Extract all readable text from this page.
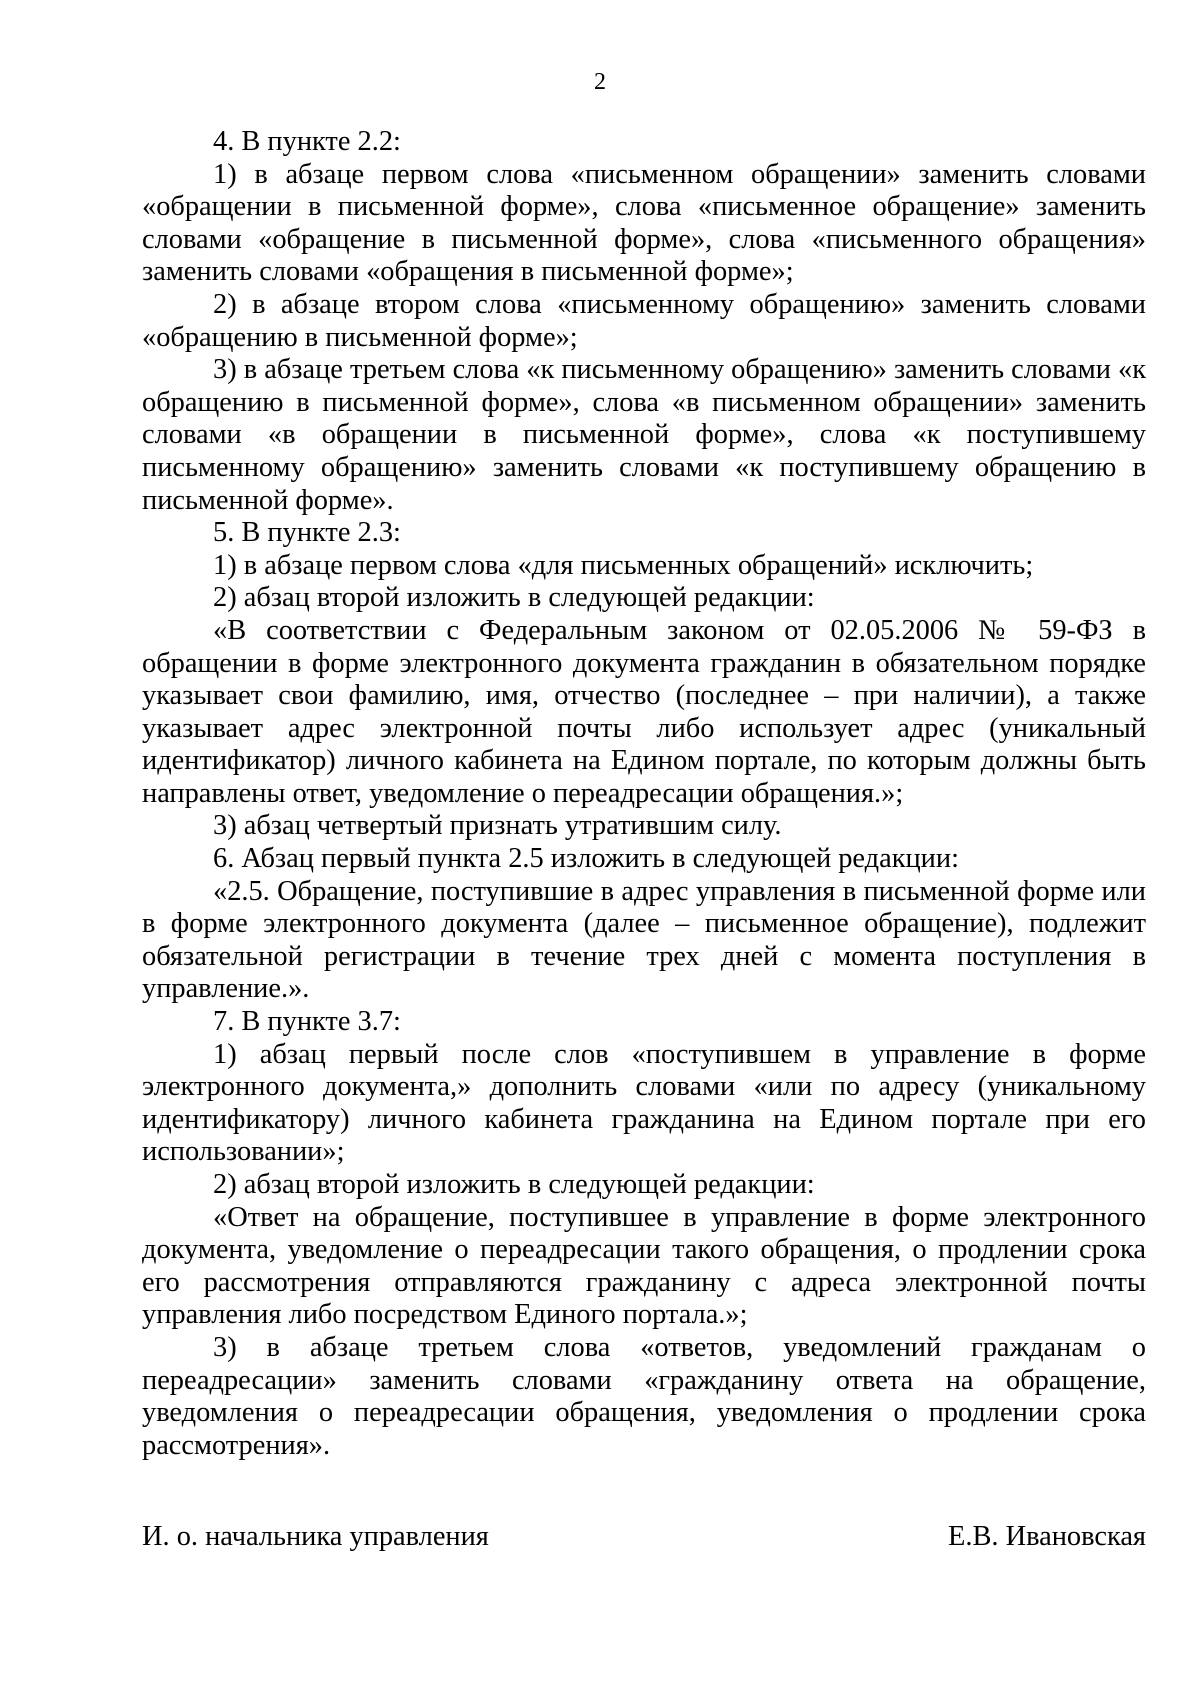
2

4. В пункте 2.2:

1) в абзаце первом слова «письменном обращении» заменить словами «обращении в письменной форме», слова «письменное обращение» заменить словами «обращение в письменной форме», слова «письменного обращения» заменить словами «обращения в письменной форме»;

2) в абзаце втором слова «письменному обращению» заменить словами «обращению в письменной форме»;

3) в абзаце третьем слова «к письменному обращению» заменить словами «к обращению в письменной форме», слова «в письменном обращении» заменить словами «в обращении в письменной форме», слова «к поступившему письменному обращению» заменить словами «к поступившему обращению в письменной форме».

5. В пункте 2.3:

1) в абзаце первом слова «для письменных обращений» исключить;

2) абзац второй изложить в следующей редакции:

«В соответствии с Федеральным законом от 02.05.2006 № 59-ФЗ в обращении в форме электронного документа гражданин в обязательном порядке указывает свои фамилию, имя, отчество (последнее – при наличии), а также указывает адрес электронной почты либо использует адрес (уникальный идентификатор) личного кабинета на Едином портале, по которым должны быть направлены ответ, уведомление о переадресации обращения.»;

3) абзац четвертый признать утратившим силу.

6. Абзац первый пункта 2.5 изложить в следующей редакции:

«2.5. Обращение, поступившие в адрес управления в письменной форме или в форме электронного документа (далее – письменное обращение), подлежит обязательной регистрации в течение трех дней с момента поступления в управление.».

7. В пункте 3.7:

1) абзац первый после слов «поступившем в управление в форме электронного документа,» дополнить словами «или по адресу (уникальному идентификатору) личного кабинета гражданина на Едином портале при его использовании»;

2) абзац второй изложить в следующей редакции:

«Ответ на обращение, поступившее в управление в форме электронного документа, уведомление о переадресации такого обращения, о продлении срока его рассмотрения отправляются гражданину с адреса электронной почты управления либо посредством Единого портала.»;

3) в абзаце третьем слова «ответов, уведомлений гражданам о переадресации» заменить словами «гражданину ответа на обращение, уведомления о переадресации обращения, уведомления о продлении срока рассмотрения».

И. о. начальника управления	Е.В. Ивановская
